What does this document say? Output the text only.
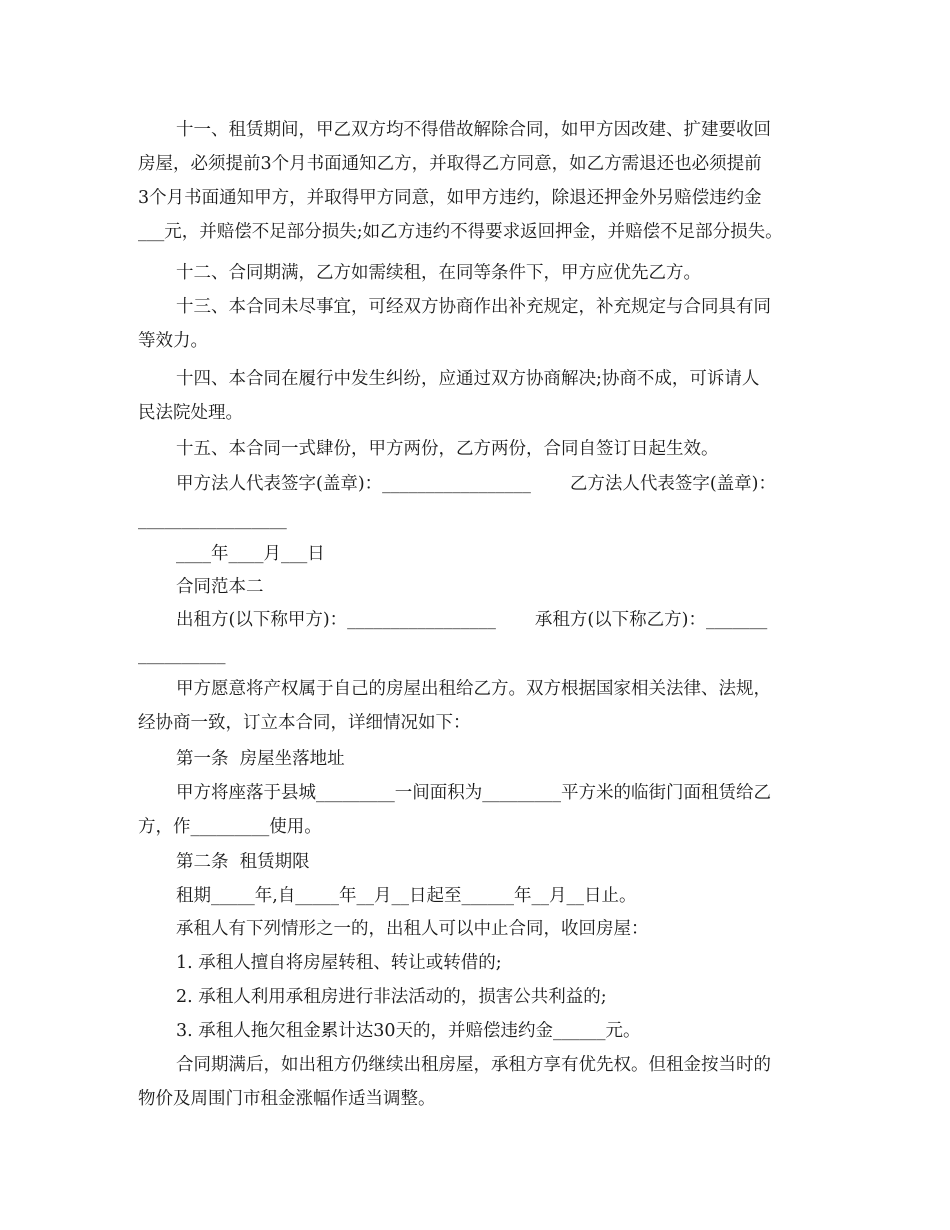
十一、租赁期间，甲乙双方均不得借故解除合同，如甲方因改建、扩建要收回
房屋，必须提前3个月书面通知乙方，并取得乙方同意，如乙方需退还也必须提前
3个月书面通知甲方，并取得甲方同意，如甲方违约，除退还押金外另赔偿违约金
___元，并赔偿不足部分损失;如乙方违约不得要求返回押金，并赔偿不足部分损失。
十二、合同期满，乙方如需续租，在同等条件下，甲方应优先乙方。
十三、本合同未尽事宜，可经双方协商作出补充规定，补充规定与合同具有同
等效力。
十四、本合同在履行中发生纠纷，应通过双方协商解决;协商不成，可诉请人
民法院处理。
十五、本合同一式肆份，甲方两份，乙方两份，合同自签订日起生效。
甲方法人代表签字(盖章)：_________________       乙方法人代表签字(盖章)：
_________________
____年____月___日
合同范本二
出租方(以下称甲方)：_________________       承租方(以下称乙方)：_______
__________
甲方愿意将产权属于自己的房屋出租给乙方。双方根据国家相关法律、法规，
经协商一致，订立本合同，详细情况如下：
第一条  房屋坐落地址
甲方将座落于县城_________一间面积为_________平方米的临街门面租赁给乙
方，作_________使用。
第二条  租赁期限
租期_____年,自_____年__月__日起至______年__月__日止。
承租人有下列情形之一的，出租人可以中止合同，收回房屋：
1. 承租人擅自将房屋转租、转让或转借的;
2. 承租人利用承租房进行非法活动的，损害公共利益的;
3. 承租人拖欠租金累计达30天的，并赔偿违约金______元。
合同期满后，如出租方仍继续出租房屋，承租方享有优先权。但租金按当时的
物价及周围门市租金涨幅作适当调整。
